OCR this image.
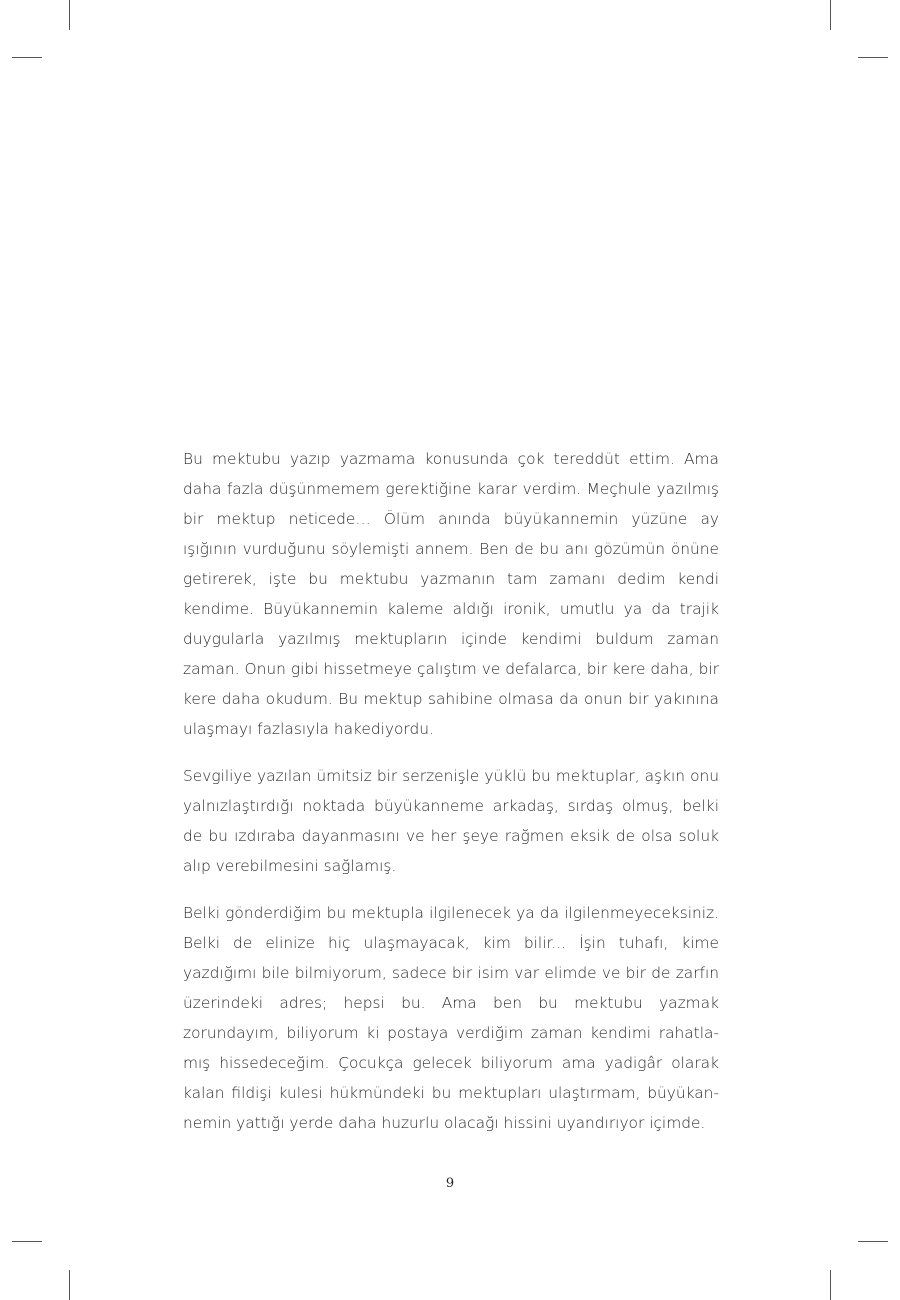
Bu mektubu yazıp yazmama konusunda çok tereddüt ettim. Ama daha fazla düşünmemem gerektiğine karar verdim. Meçhule yazılmış bir mektup neticede… Ölüm anında büyükannemin yüzüne ay ışığının vurduğunu söylemişti annem. Ben de bu anı gözümün önüne getirerek, işte bu mektubu yazmanın tam zamanı dedim kendi kendime. Büyükannemin kaleme aldığı ironik, umutlu ya da trajik duygularla yazılmış mektupların içinde kendimi buldum zaman zaman. Onun gibi hissetmeye çalıştım ve defalarca, bir kere daha, bir kere daha okudum. Bu mektup sahibine olmasa da onun bir yakınına ulaşmayı fazlasıyla hakediyordu.

Sevgiliye yazılan ümitsiz bir serzenişle yüklü bu mektuplar, aşkın onu yalnızlaştırdığı noktada büyükanneme arkadaş, sırdaş olmuş, belki de bu ızdıraba dayanmasını ve her şeye rağmen eksik de olsa soluk alıp verebilmesini sağlamış.

Belki gönderdiğim bu mektupla ilgilenecek ya da ilgilenmeyeceksiniz. Belki de elinize hiç ulaşmayacak, kim bilir... İşin tuhafı, kime yazdığımı bile bilmiyorum, sadece bir isim var elimde ve bir de zarfın üzerindeki adres; hepsi bu. Ama ben bu mektubu yazmak zorundayım, biliyorum ki postaya verdiğim zaman kendimi rahatlamış hissedeceğim. Çocukça gelecek biliyorum ama yadigâr olarak kalan fildişi kulesi hükmündeki bu mektupları ulaştırmam, büyükannemin yattığı yerde daha huzurlu olacağı hissini uyandırıyor içimde.

9
